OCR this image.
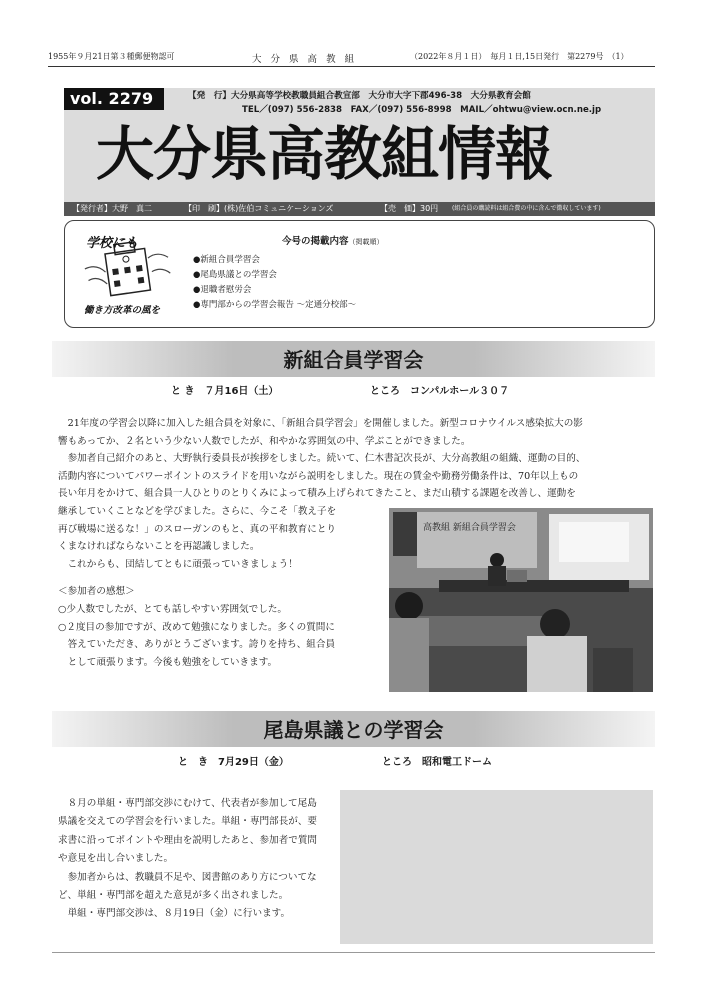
1955年９月21日第３種郵便物認可	大 分 県 高 教 組	（2022年８月１日）　毎月１日,15日発行　第2279号　（1）
vol. 2279	【発　行】大分県高等学校教職員組合教宣部　大分市大字下郡496-38　大分県教育会館
TEL／(097) 556-2838　FAX／(097) 556-8998　MAIL／ohtwu@view.ocn.ne.jp
大分県高教組情報
【発行者】大野　真二	【印　刷】(株)佐伯コミュニケーションズ	【売　価】30円 (組合員の購読料は組合費の中に含んで徴収しています)
学校にも
働き方改革の風を
今号の掲載内容（掲載順）
●新組合員学習会
●尾島県議との学習会
●退職者慰労会
●専門部からの学習会報告 〜定通分校部〜
新組合員学習会
と き　７月16日（土）	ところ　コンパルホール３０７
　21年度の学習会以降に加入した組合員を対象に、「新組合員学習会」を開催しました。新型コロナウイルス感染拡大の影
響もあってか、２名という少ない人数でしたが、和やかな雰囲気の中、学ぶことができました。
　参加者自己紹介のあと、大野執行委員長が挨拶をしました。続いて、仁木書記次長が、大分高教組の組織、運動の目的、
活動内容についてパワーポイントのスライドを用いながら説明をしました。現在の賃金や勤務労働条件は、70年以上もの
長い年月をかけて、組合員一人ひとりのとりくみによって積み上げられてきたこと、まだ山積する課題を改善し、運動を
継承していくことなどを学びました。さらに、今こそ「教え子を
再び戦場に送るな！」のスローガンのもと、真の平和教育にとり
くまなければならないことを再認識しました。
　これからも、団結してともに頑張っていきましょう！
＜参加者の感想＞
○少人数でしたが、とても話しやすい雰囲気でした。
○２度目の参加ですが、改めて勉強になりました。多くの質問に
　答えていただき、ありがとうございます。誇りを持ち、組合員
　として頑張ります。今後も勉強をしていきます。
高教組 新組合員学習会
尾島県議との学習会
と　き　7月29日（金）	ところ　昭和電工ドーム
　８月の単組・専門部交渉にむけて、代表者が参加して尾島
県議を交えての学習会を行いました。単組・専門部長が、要
求書に沿ってポイントや理由を説明したあと、参加者で質問
や意見を出し合いました。
　参加者からは、教職員不足や、図書館のあり方についてな
ど、単組・専門部を超えた意見が多く出されました。
　単組・専門部交渉は、８月19日（金）に行います。
